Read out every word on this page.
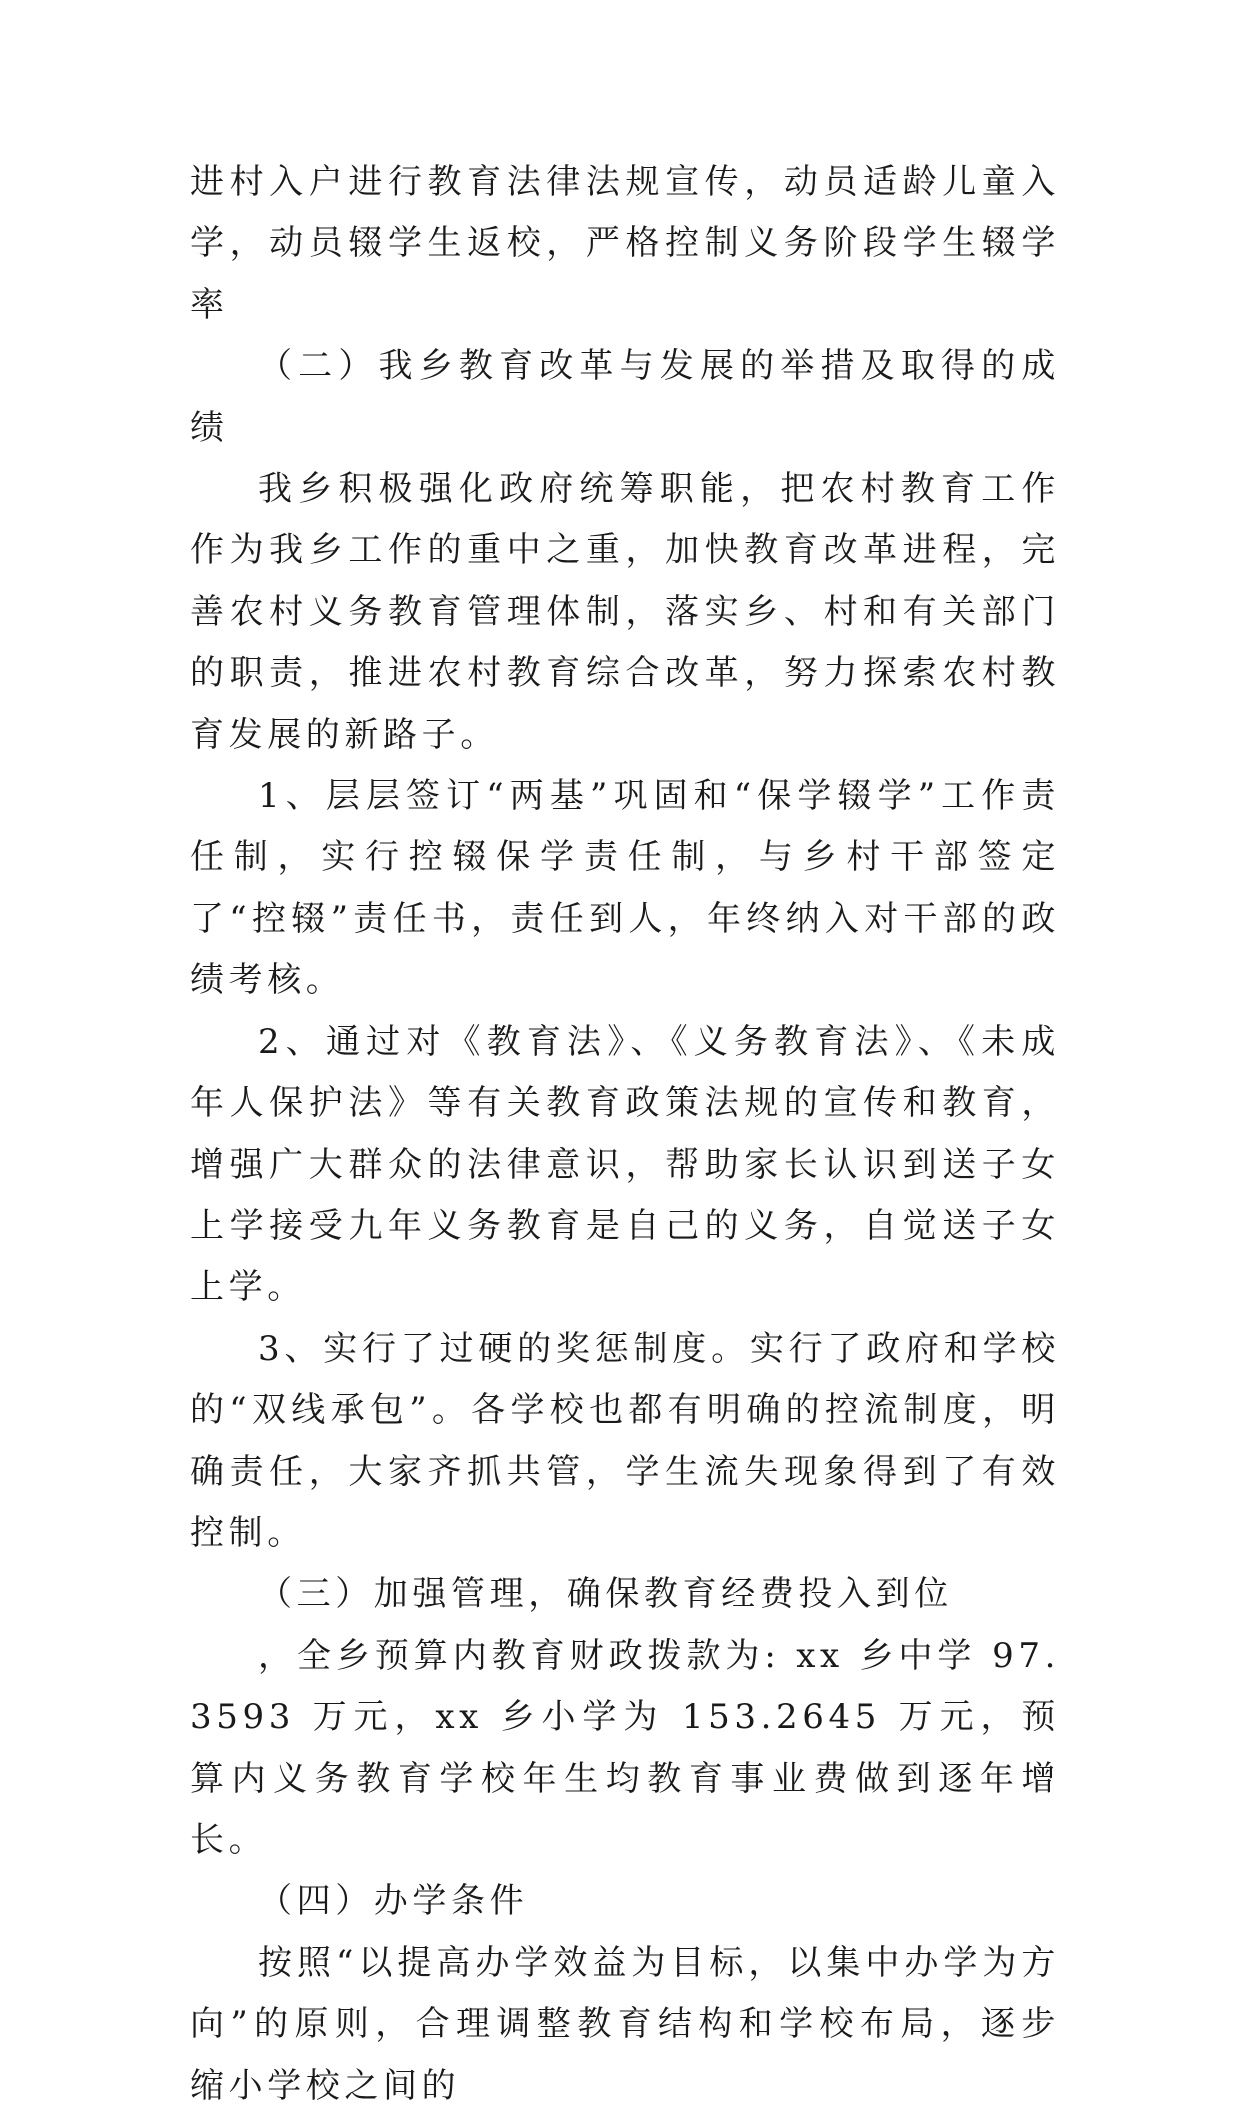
进村入户进行教育法律法规宣传，动员适龄儿童入学，动员辍学生返校，严格控制义务阶段学生辍学率

（二）我乡教育改革与发展的举措及取得的成绩

我乡积极强化政府统筹职能，把农村教育工作作为我乡工作的重中之重，加快教育改革进程，完善农村义务教育管理体制，落实乡、村和有关部门的职责，推进农村教育综合改革，努力探索农村教育发展的新路子。

1、层层签订“两基”巩固和“保学辍学”工作责任制，实行控辍保学责任制，与乡村干部签定了“控辍”责任书，责任到人，年终纳入对干部的政绩考核。

2、通过对《教育法》、《义务教育法》、《未成年人保护法》等有关教育政策法规的宣传和教育，增强广大群众的法律意识，帮助家长认识到送子女上学接受九年义务教育是自己的义务，自觉送子女上学。

3、实行了过硬的奖惩制度。实行了政府和学校的“双线承包”。各学校也都有明确的控流制度，明确责任，大家齐抓共管，学生流失现象得到了有效控制。

（三）加强管理，确保教育经费投入到位

，全乡预算内教育财政拨款为: xx 乡中学 97.3593 万元，xx 乡小学为 153.2645 万元，预算内义务教育学校年生均教育事业费做到逐年增长。

（四）办学条件

按照“以提高办学效益为目标，以集中办学为方向”的原则，合理调整教育结构和学校布局，逐步缩小学校之间的
